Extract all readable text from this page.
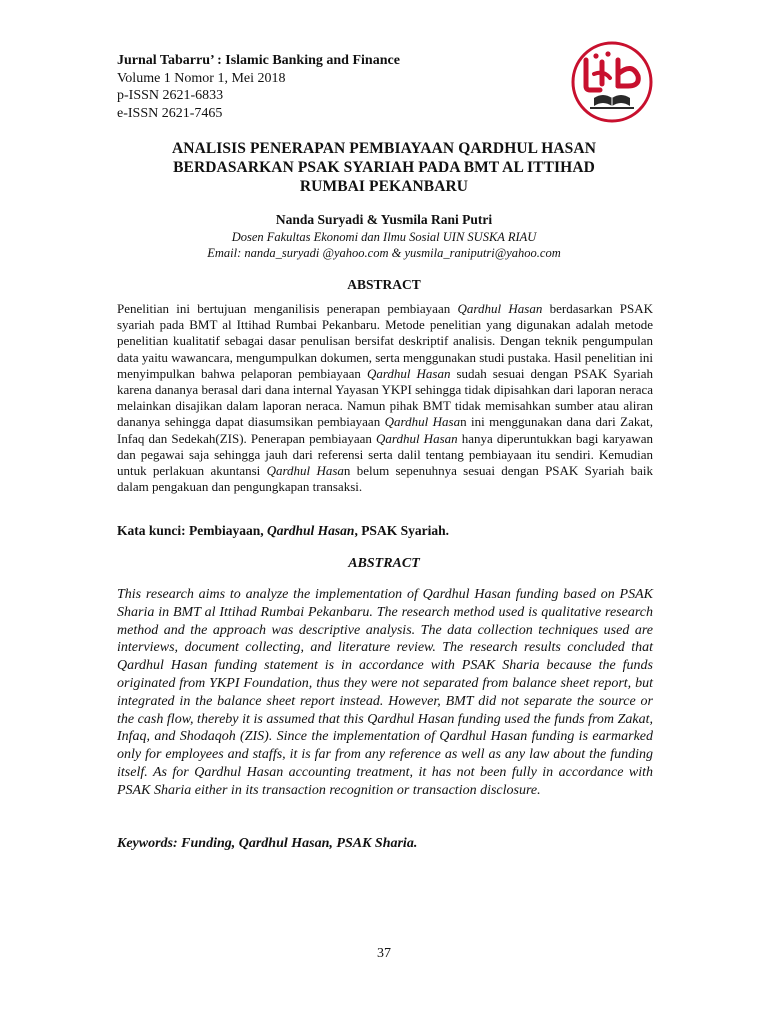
Jurnal Tabarru’ : Islamic Banking and Finance
Volume 1 Nomor 1, Mei 2018
p-ISSN 2621-6833
e-ISSN 2621-7465
ANALISIS PENERAPAN PEMBIAYAAN QARDHUL HASAN
BERDASARKAN PSAK SYARIAH PADA BMT AL ITTIHAD
RUMBAI PEKANBARU
Nanda Suryadi & Yusmila Rani Putri
Dosen Fakultas Ekonomi dan Ilmu Sosial UIN SUSKA RIAU
Email: nanda_suryadi @yahoo.com & yusmila_raniputri@yahoo.com
ABSTRACT
Penelitian ini bertujuan menganilisis penerapan pembiayaan Qardhul Hasan berdasarkan PSAK syariah pada BMT al Ittihad Rumbai Pekanbaru. Metode penelitian yang digunakan adalah metode penelitian kualitatif sebagai dasar penulisan bersifat deskriptif analisis. Dengan teknik pengumpulan data yaitu wawancara, mengumpulkan dokumen, serta menggunakan studi pustaka. Hasil penelitian ini menyimpulkan bahwa pelaporan pembiayaan Qardhul Hasan sudah sesuai dengan PSAK Syariah karena dananya berasal dari dana internal Yayasan YKPI sehingga tidak dipisahkan dari laporan neraca melainkan disajikan dalam laporan neraca. Namun pihak BMT tidak memisahkan sumber atau aliran dananya sehingga dapat diasumsikan pembiayaan Qardhul Hasan ini menggunakan dana dari Zakat, Infaq dan Sedekah(ZIS). Penerapan pembiayaan Qardhul Hasan hanya diperuntukkan bagi karyawan dan pegawai saja sehingga jauh dari referensi serta dalil tentang pembiayaan itu sendiri. Kemudian untuk perlakuan akuntansi Qardhul Hasan belum sepenuhnya sesuai dengan PSAK Syariah baik dalam pengakuan dan pengungkapan transaksi.
Kata kunci: Pembiayaan, Qardhul Hasan, PSAK Syariah.
ABSTRACT
This research aims to analyze the implementation of Qardhul Hasan funding based on PSAK Sharia in BMT al Ittihad Rumbai Pekanbaru. The research method used is qualitative research method and the approach was descriptive analysis. The data collection techniques used are interviews, document collecting, and literature review. The research results concluded that Qardhul Hasan funding statement is in accordance with PSAK Sharia because the funds originated from YKPI Foundation, thus they were not separated from balance sheet report, but integrated in the balance sheet report instead. However, BMT did not separate the source or the cash flow, thereby it is assumed that this Qardhul Hasan funding used the funds from Zakat, Infaq, and Shodaqoh (ZIS). Since the implementation of Qardhul Hasan funding is earmarked only for employees and staffs, it is far from any reference as well as any law about the funding itself. As for Qardhul Hasan accounting treatment, it has not been fully in accordance with PSAK Sharia either in its transaction recognition or transaction disclosure.
Keywords: Funding, Qardhul Hasan, PSAK Sharia.
37
